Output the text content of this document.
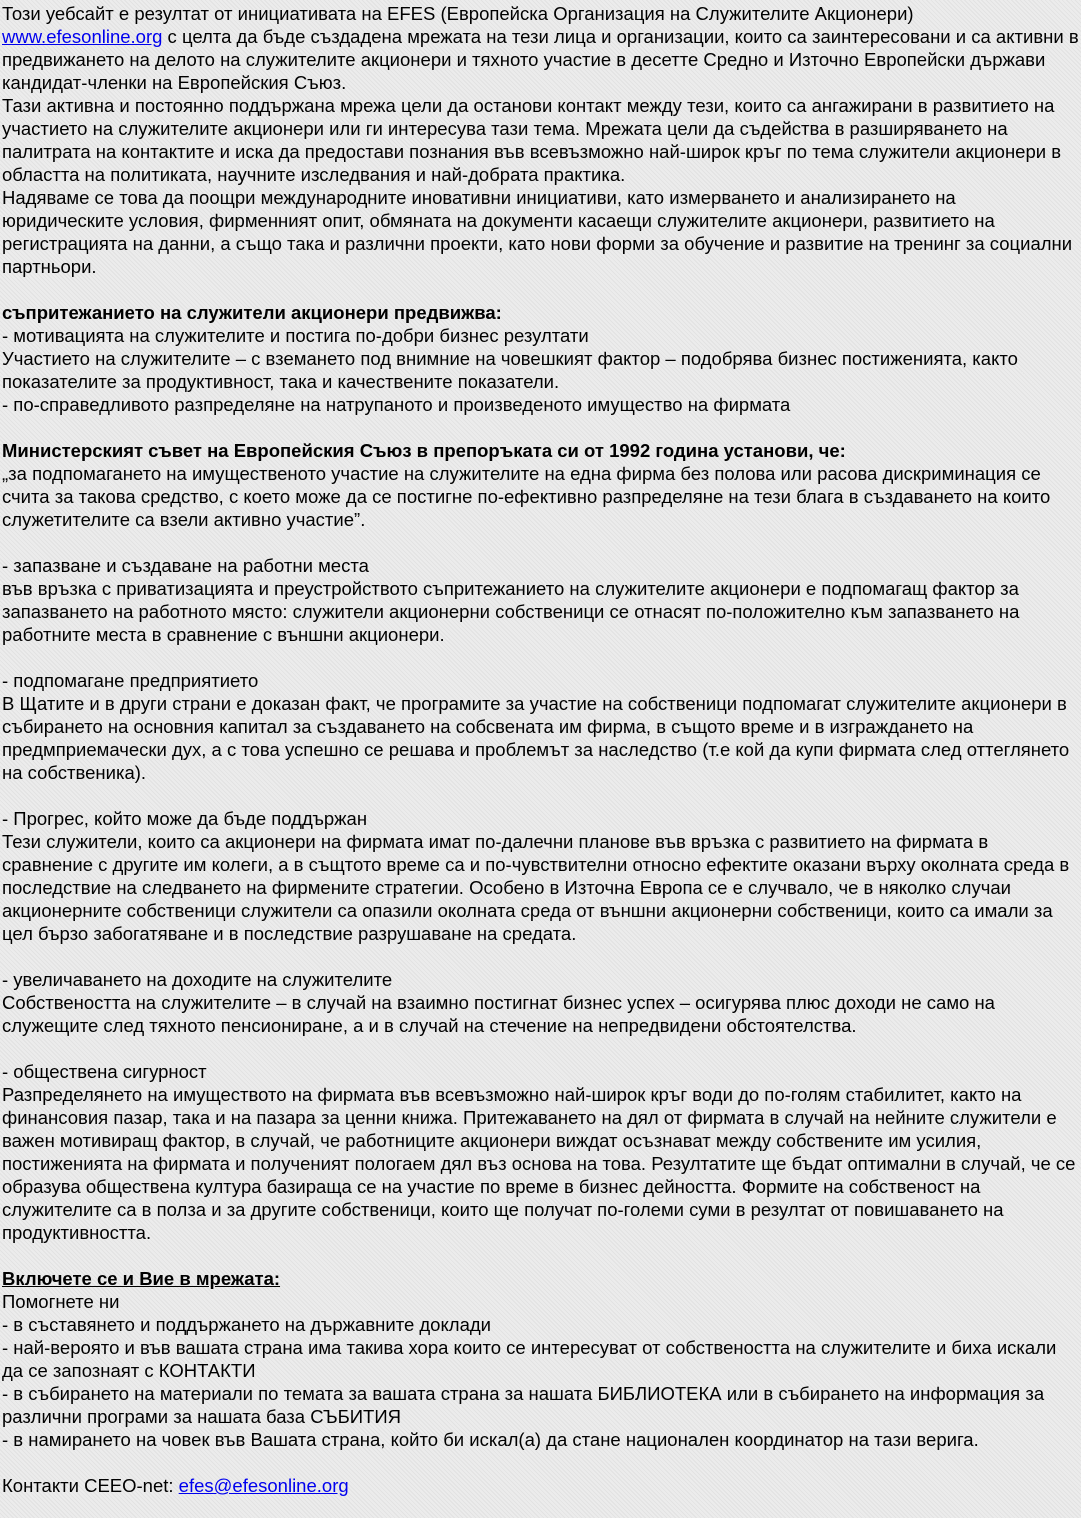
Този уебсайт е резултат от инициативата на EFES (Европейска Организация на Служителите Акционери)
www.efesonline.org с целта да бъде създадена мрежата на тези лица и организации, които са заинтересовани и са активни в предвижането на делото на служителите акционери и тяхното участие в десетте Средно и Източно Европейски държави кандидат-членки на Европейския Съюз.

Тази активна и постоянно поддържана мрежа цели да останови контакт между тези, които са ангажирани в развитието на участието на служителите акционери или ги интересува тази тема. Мрежата цели да съдейства в разширяването на палитрата на контактите и иска да предостави познания във всевъзможно най-широк кръг по тема служители акционери в областта на политиката, научните изследвания и най-добрата практика.

Надяваме се това да поощри международните иновативни инициативи, като измерването и анализирането на юридическите условия, фирменният опит, обмяната на документи касаещи служителите акционери, развитието на регистрацията на данни, а също така и различни проекти, като нови форми за обучение и развитие на тренинг за социални партньори.

съпритежанието на служители акционери предвижва:

- мотивацията на служителите и постига по-добри бизнес резултати

Участието на служителите – с вземането под внимние на човешкият фактор – подобрява бизнес постиженията, както показателите за продуктивност, така и качествените показатели.

- по-справедливото разпределяне на натрупаното и произведеното имущество на фирмата

Министерският съвет на Европейския Съюз в препоръката си от 1992 година установи, че:

„за подпомагането на имущественото участие на служителите на една фирма без полова или расова дискриминация се счита за такова средство, с което може да се постигне по-ефективно разпределяне на тези блага в създаването на които служетителите са взели активно участие”.

- запазване и създаване на работни места

във връзка с приватизацията и преустройството съпритежанието на служителите акционери е подпомагащ фактор за запазването на работното място: служители акционерни собственици се отнасят по-положително към запазването на работните места в сравнение с външни акционери.

- подпомагане предприятието

В Щатите и в други страни е доказан факт, че програмите за участие на собственици подпомагат служителите акционери в събирането на основния капитал за създаването на собсвената им фирма, в същото време и в изграждането на предмприемачески дух, а с това успешно се решава и проблемът за наследство (т.е кой да купи фирмата след оттеглянето на собственика).

- Прогрес, който може да бъде поддържан

Тези служители, които са акционери на фирмата имат по-далечни планове във връзка с развитието на фирмата в сравнение с другите им колеги, а в същтото време са и по-чувствителни относно ефектите оказани върху околната среда в последствие на следването на фирмените стратегии. Особено в Източна Европа се е случвало, че в няколко случаи акционерните собственици служители са опазили околната среда от външни акционерни собственици, които са имали за цел бързо забогатяване и в последствие разрушаване на средата.

- увеличаването на доходите на служителите

Собствеността на служителите – в случай на взаимно постигнат бизнес успех – осигурява плюс доходи не само на служещите след тяхното пенсиониране, а и в случай на стечение на непредвидени обстоятелства.

- обществена сигурност

Разпределянето на имуществото на фирмата във всевъзможно най-широк кръг води до по-голям стабилитет, както на финансовия пазар, така и на пазара за ценни книжа. Притежаването на дял от фирмата в случай на нейните служители е важен мотивиращ фактор, в случай, че работниците акционери виждат осъзнават между собствените им усилия, постиженията на фирмата и полученият пологаем дял въз основа на това. Резултатите ще бъдат оптимални в случай, че се образува обществена култура базираща се на участие по време в бизнес дейността. Формите на собственост на служителите са в полза и за другите собственици, които ще получат по-големи суми в резултат от повишаването на продуктивността.

Включете се и Вие в мрежата:

Помогнете ни

- в съставянето и поддържането на държавните доклади

- най-вероято и във вашата страна има такива хора които се интересуват от собствеността на служителите и биха искали да се запознаят с КОНТАКТИ

- в събирането на материали по темата за вашата страна за нашата БИБЛИОТЕКА или в събирането на информация за различни програми за нашата база СЪБИТИЯ

- в намирането на човек във Вашата страна, който би искал(а) да стане национален координатор на тази верига.

Контакти CEEO-net: efes@efesonline.org
